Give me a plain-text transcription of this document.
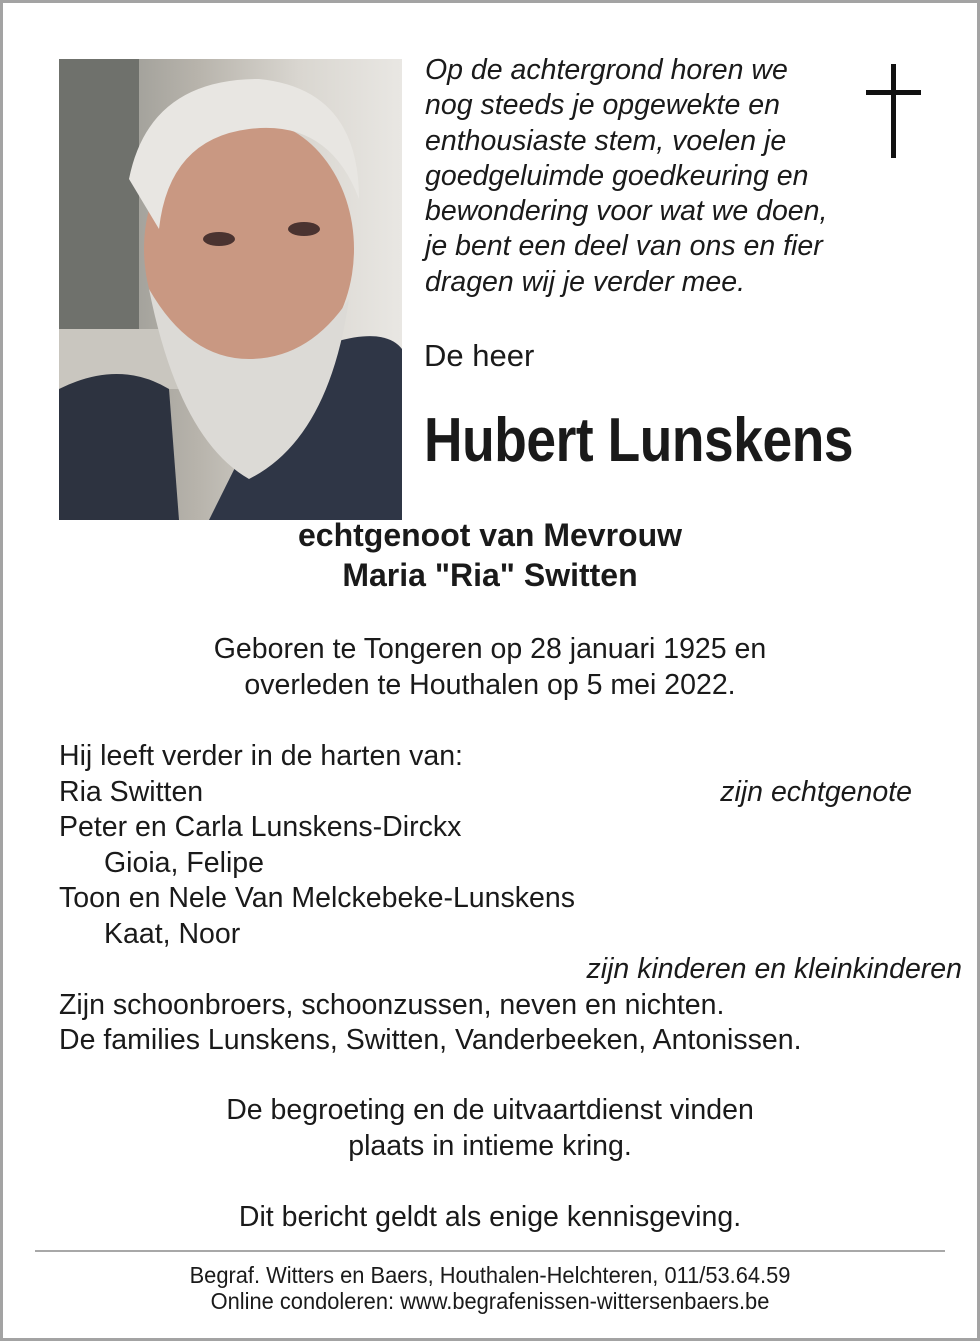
Op de achtergrond horen we
nog steeds je opgewekte en
enthousiaste stem, voelen je
goedgeluimde goedkeuring en
bewondering voor wat we doen,
je bent een deel van ons en fier
dragen wij je verder mee.
De heer
Hubert Lunskens
echtgenoot van Mevrouw
Maria "Ria" Switten
Geboren te Tongeren op 28 januari 1925 en
overleden te Houthalen op 5 mei 2022.
Hij leeft verder in de harten van:
Ria Switten	zijn echtgenote
Peter en Carla Lunskens-Dirckx
Gioia, Felipe
Toon en Nele Van Melckebeke-Lunskens
Kaat, Noor
zijn kinderen en kleinkinderen
Zijn schoonbroers, schoonzussen, neven en nichten.
De families Lunskens, Switten, Vanderbeeken, Antonissen.
De begroeting en de uitvaartdienst vinden
plaats in intieme kring.
Dit bericht geldt als enige kennisgeving.
Begraf. Witters en Baers, Houthalen-Helchteren, 011/53.64.59
Online condoleren: www.begrafenissen-wittersenbaers.be
